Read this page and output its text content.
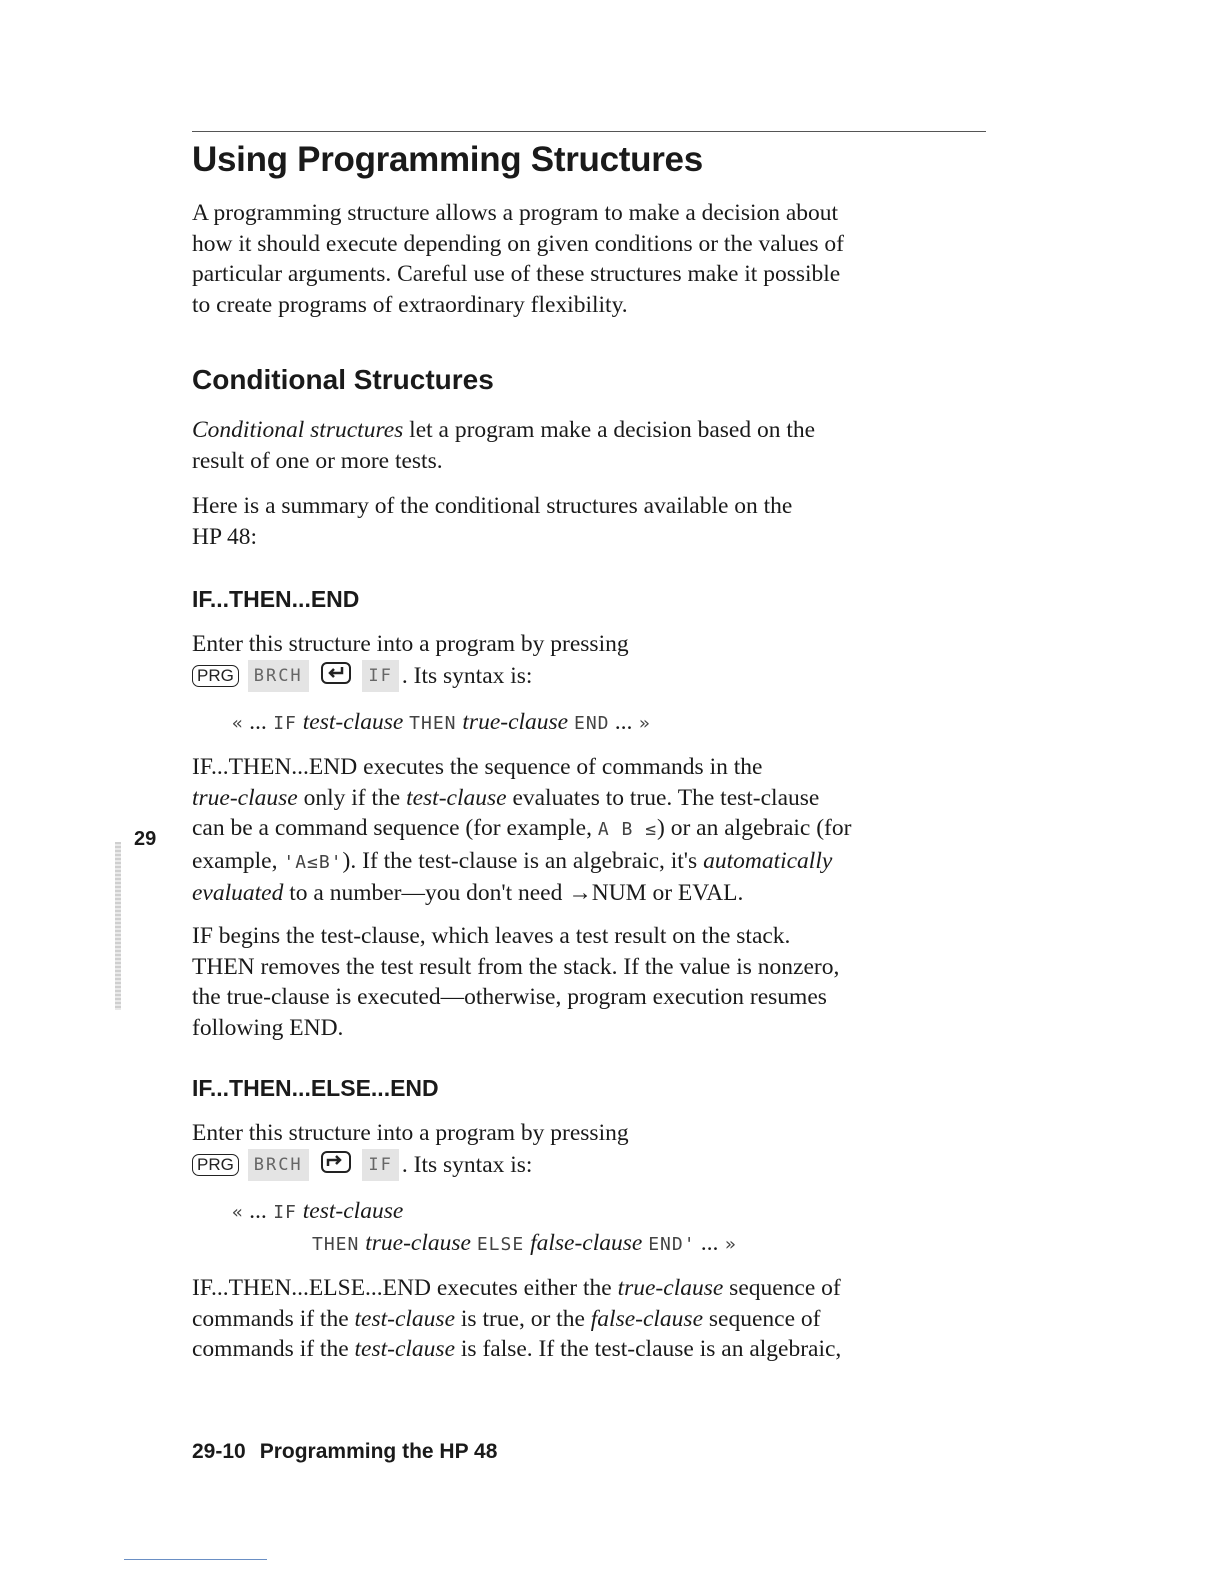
Using Programming Structures

A programming structure allows a program to make a decision about
how it should execute depending on given conditions or the values of
particular arguments. Careful use of these structures make it possible
to create programs of extraordinary flexibility.

Conditional Structures

Conditional structures let a program make a decision based on the
result of one or more tests.

Here is a summary of the conditional structures available on the
HP 48:

IF...THEN...END

Enter this structure into a program by pressing
PRG BRCH	IF . Its syntax is:

« ... IF test-clause THEN true-clause END ... »

IF...THEN...END executes the sequence of commands in the
true-clause only if the test-clause evaluates to true. The test-clause
can be a command sequence (for example, A B ≤) or an algebraic (for
example, 'A≤B'). If the test-clause is an algebraic, it's automatically
evaluated to a number—you don't need →NUM or EVAL.

IF begins the test-clause, which leaves a test result on the stack.
THEN removes the test result from the stack. If the value is nonzero,
the true-clause is executed—otherwise, program execution resumes
following END.

IF...THEN...ELSE...END

Enter this structure into a program by pressing
PRG BRCH	IF . Its syntax is:

« ... IF test-clause
THEN true-clause ELSE false-clause END' ... »

IF...THEN...ELSE...END executes either the true-clause sequence of
commands if the test-clause is true, or the false-clause sequence of
commands if the test-clause is false. If the test-clause is an algebraic,

29
29-10 Programming the HP 48
